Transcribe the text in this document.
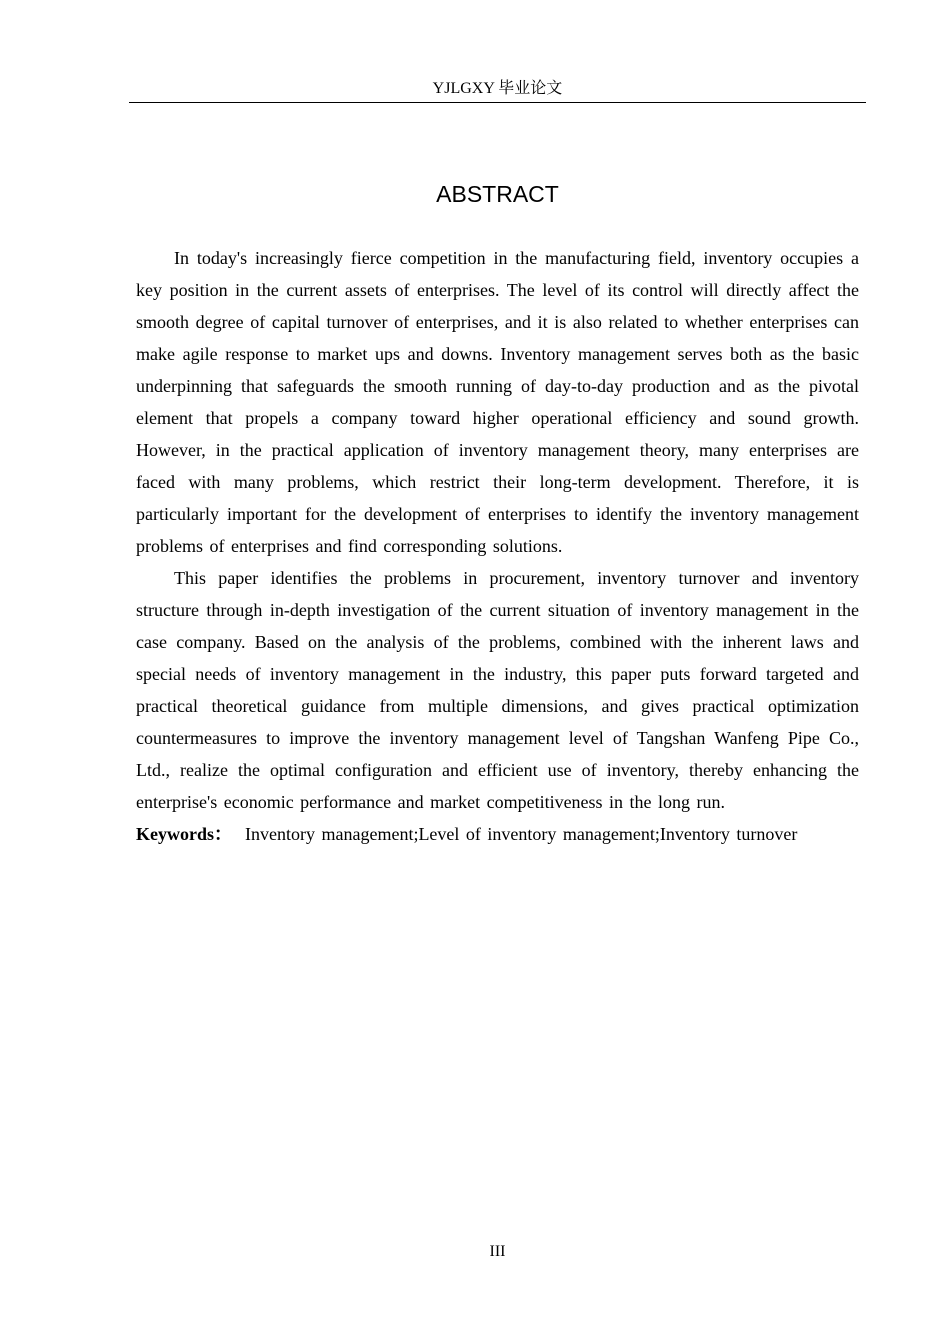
YJLGXY 毕业论文
ABSTRACT

In today's increasingly fierce competition in the manufacturing field, inventory occupies a key position in the current assets of enterprises. The level of its control will directly affect the smooth degree of capital turnover of enterprises, and it is also related to whether enterprises can make agile response to market ups and downs. Inventory management serves both as the basic underpinning that safeguards the smooth running of day-to-day production and as the pivotal element that propels a company toward higher operational efficiency and sound growth. However, in the practical application of inventory management theory, many enterprises are faced with many problems, which restrict their long-term development. Therefore, it is particularly important for the development of enterprises to identify the inventory management problems of enterprises and find corresponding solutions.

This paper identifies the problems in procurement, inventory turnover and inventory structure through in-depth investigation of the current situation of inventory management in the case company. Based on the analysis of the problems, combined with the inherent laws and special needs of inventory management in the industry, this paper puts forward targeted and practical theoretical guidance from multiple dimensions, and gives practical optimization countermeasures to improve the inventory management level of Tangshan Wanfeng Pipe Co., Ltd., realize the optimal configuration and efficient use of inventory, thereby enhancing the enterprise's economic performance and market competitiveness in the long run.

Keywords： Inventory management;Level of inventory management;Inventory turnover

III
